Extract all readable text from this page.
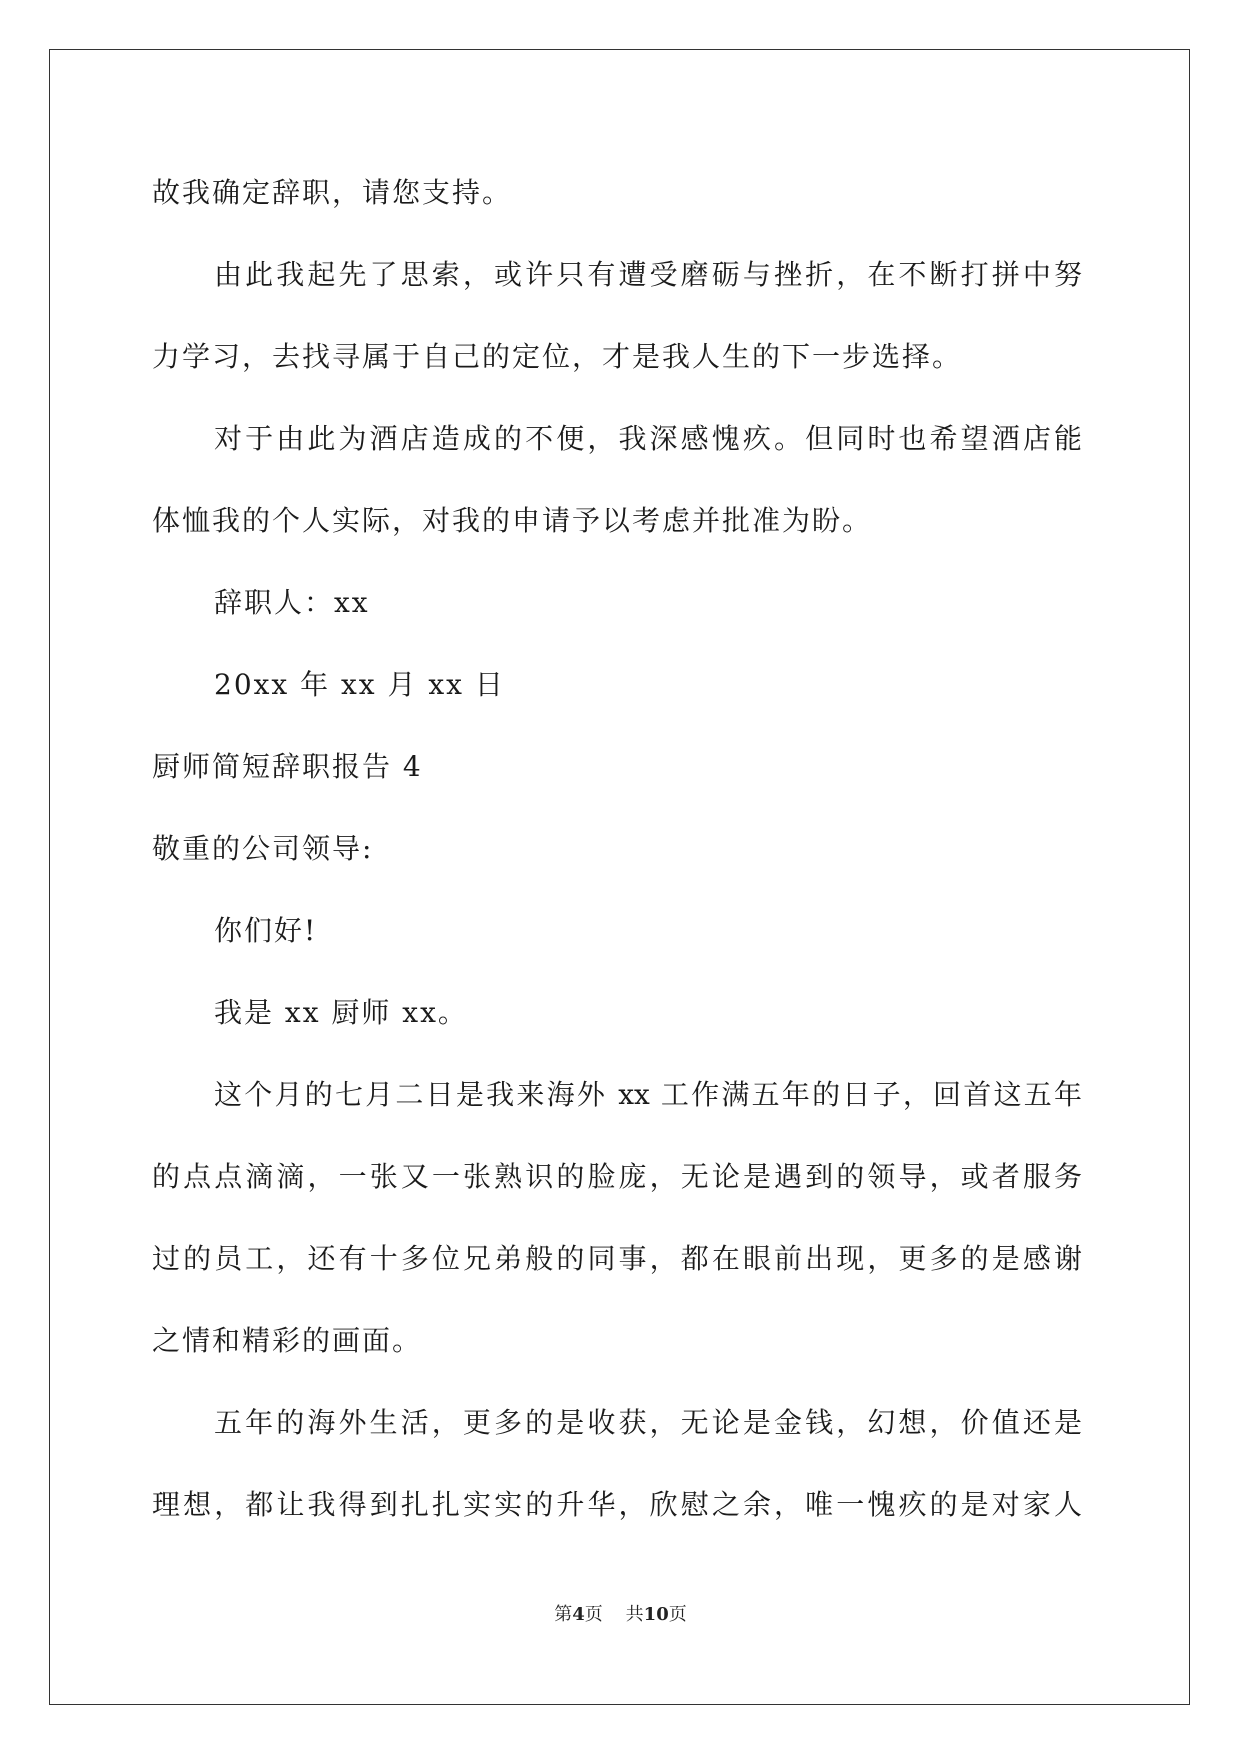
故我确定辞职，请您支持。
由此我起先了思索，或许只有遭受磨砺与挫折，在不断打拼中努
力学习，去找寻属于自己的定位，才是我人生的下一步选择。
对于由此为酒店造成的不便，我深感愧疚。但同时也希望酒店能
体恤我的个人实际，对我的申请予以考虑并批准为盼。
辞职人：xx
20xx 年 xx 月 xx 日
厨师简短辞职报告 4
敬重的公司领导:
你们好!
我是 xx 厨师 xx。
这个月的七月二日是我来海外 xx 工作满五年的日子，回首这五年
的点点滴滴，一张又一张熟识的脸庞，无论是遇到的领导，或者服务
过的员工，还有十多位兄弟般的同事，都在眼前出现，更多的是感谢
之情和精彩的画面。
五年的海外生活，更多的是收获，无论是金钱，幻想，价值还是
理想，都让我得到扎扎实实的升华，欣慰之余，唯一愧疚的是对家人
第4页    共10页
